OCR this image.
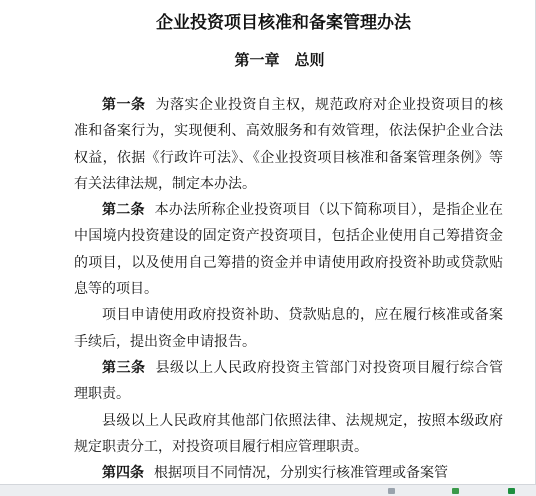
企业投资项目核准和备案管理办法
第一章　总则

第一条 为落实企业投资自主权，规范政府对企业投资项目的核准和备案行为，实现便利、高效服务和有效管理，依法保护企业合法权益，依据《行政许可法》、《企业投资项目核准和备案管理条例》等有关法律法规，制定本办法。

第二条 本办法所称企业投资项目（以下简称项目），是指企业在中国境内投资建设的固定资产投资项目，包括企业使用自己筹措资金的项目，以及使用自己筹措的资金并申请使用政府投资补助或贷款贴息等的项目。

项目申请使用政府投资补助、贷款贴息的，应在履行核准或备案手续后，提出资金申请报告。

第三条 县级以上人民政府投资主管部门对投资项目履行综合管理职责。

县级以上人民政府其他部门依照法律、法规规定，按照本级政府规定职责分工，对投资项目履行相应管理职责。

第四条 根据项目不同情况，分别实行核准管理或备案管
